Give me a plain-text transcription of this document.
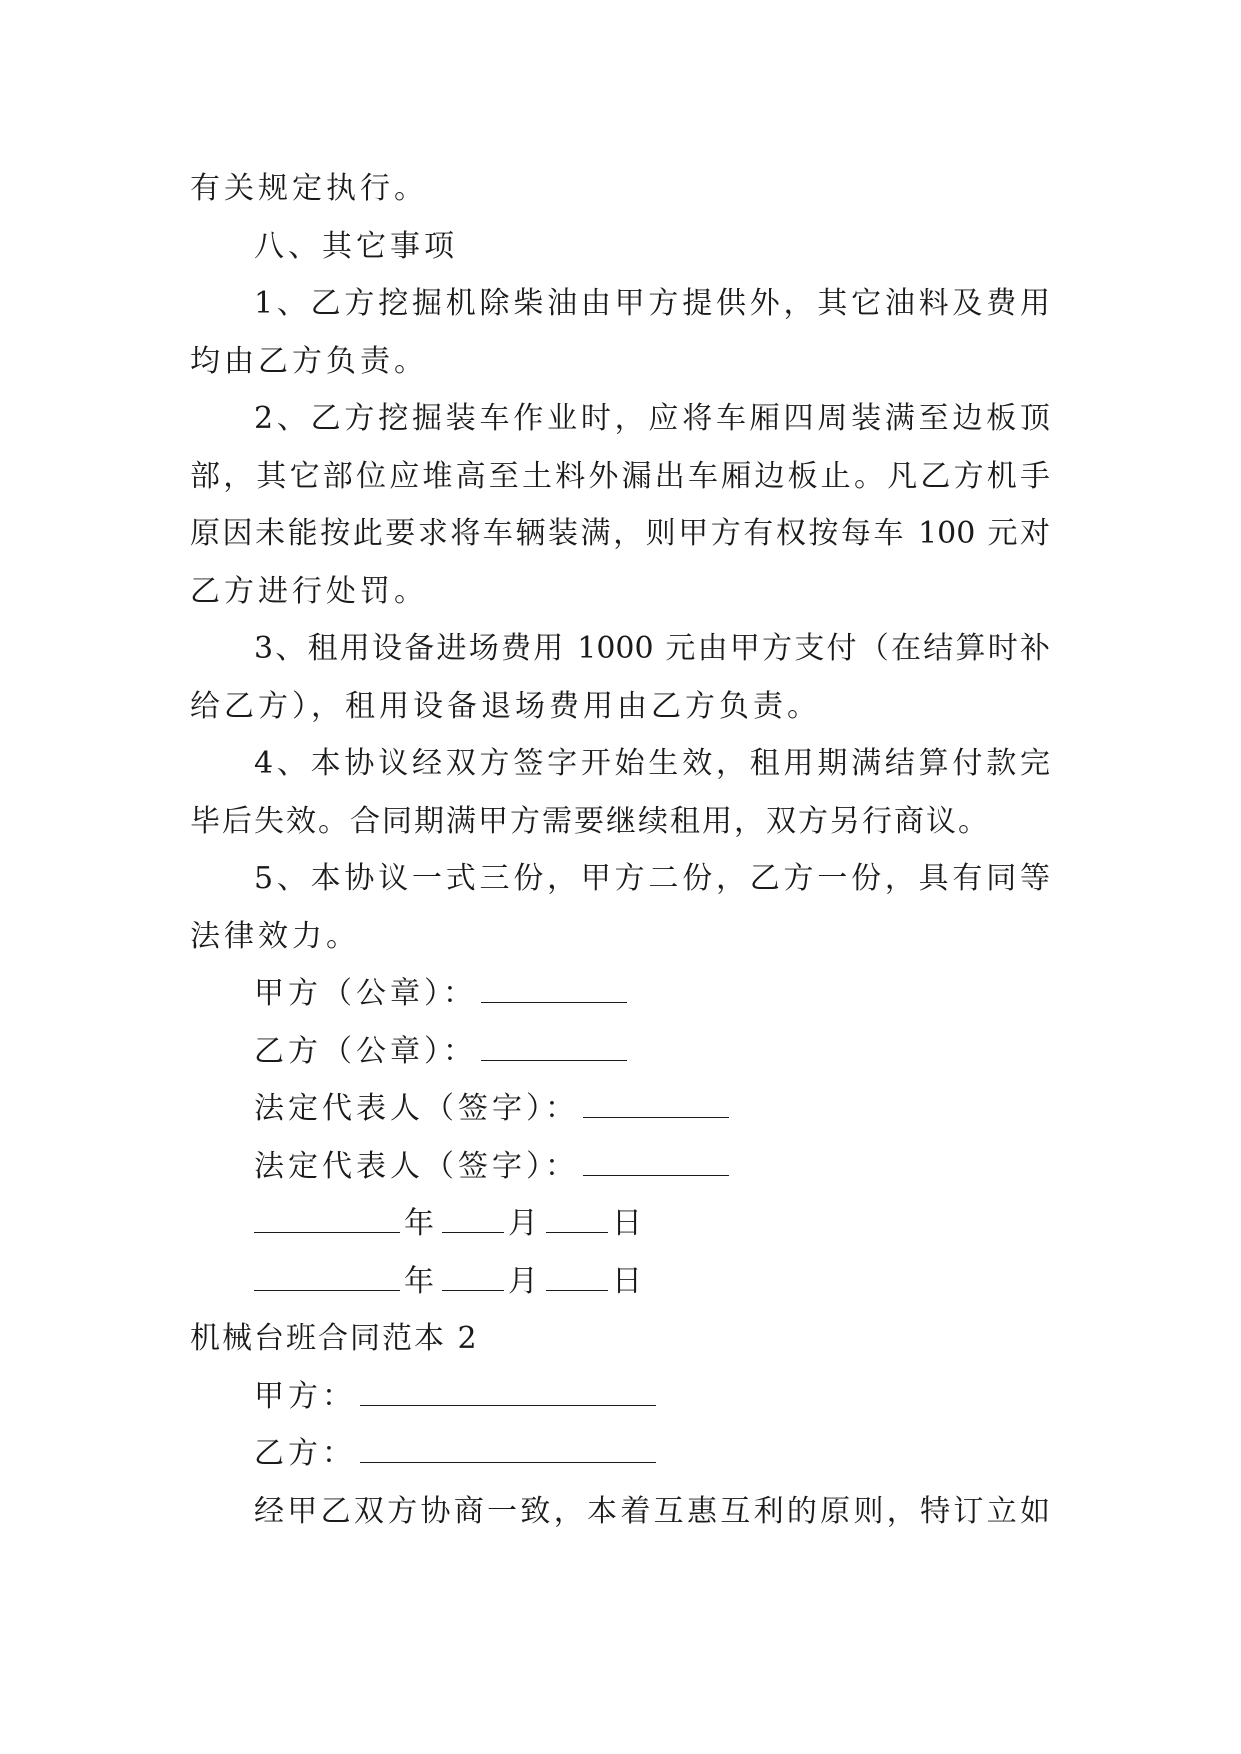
有关规定执行。
八、其它事项
1、乙方挖掘机除柴油由甲方提供外，其它油料及费用
均由乙方负责。
2、乙方挖掘装车作业时，应将车厢四周装满至边板顶
部，其它部位应堆高至土料外漏出车厢边板止。凡乙方机手
原因未能按此要求将车辆装满，则甲方有权按每车 100 元对
乙方进行处罚。
3、租用设备进场费用 1000 元由甲方支付（在结算时补
给乙方），租用设备退场费用由乙方负责。
4、本协议经双方签字开始生效，租用期满结算付款完
毕后失效。合同期满甲方需要继续租用，双方另行商议。
5、本协议一式三份，甲方二份，乙方一份，具有同等
法律效力。
甲方（公章）：
乙方（公章）：
法定代表人（签字）：
法定代表人（签字）：
年 月 日
年 月 日
机械台班合同范本 2
甲方：
乙方：
经甲乙双方协商一致，本着互惠互利的原则，特订立如
